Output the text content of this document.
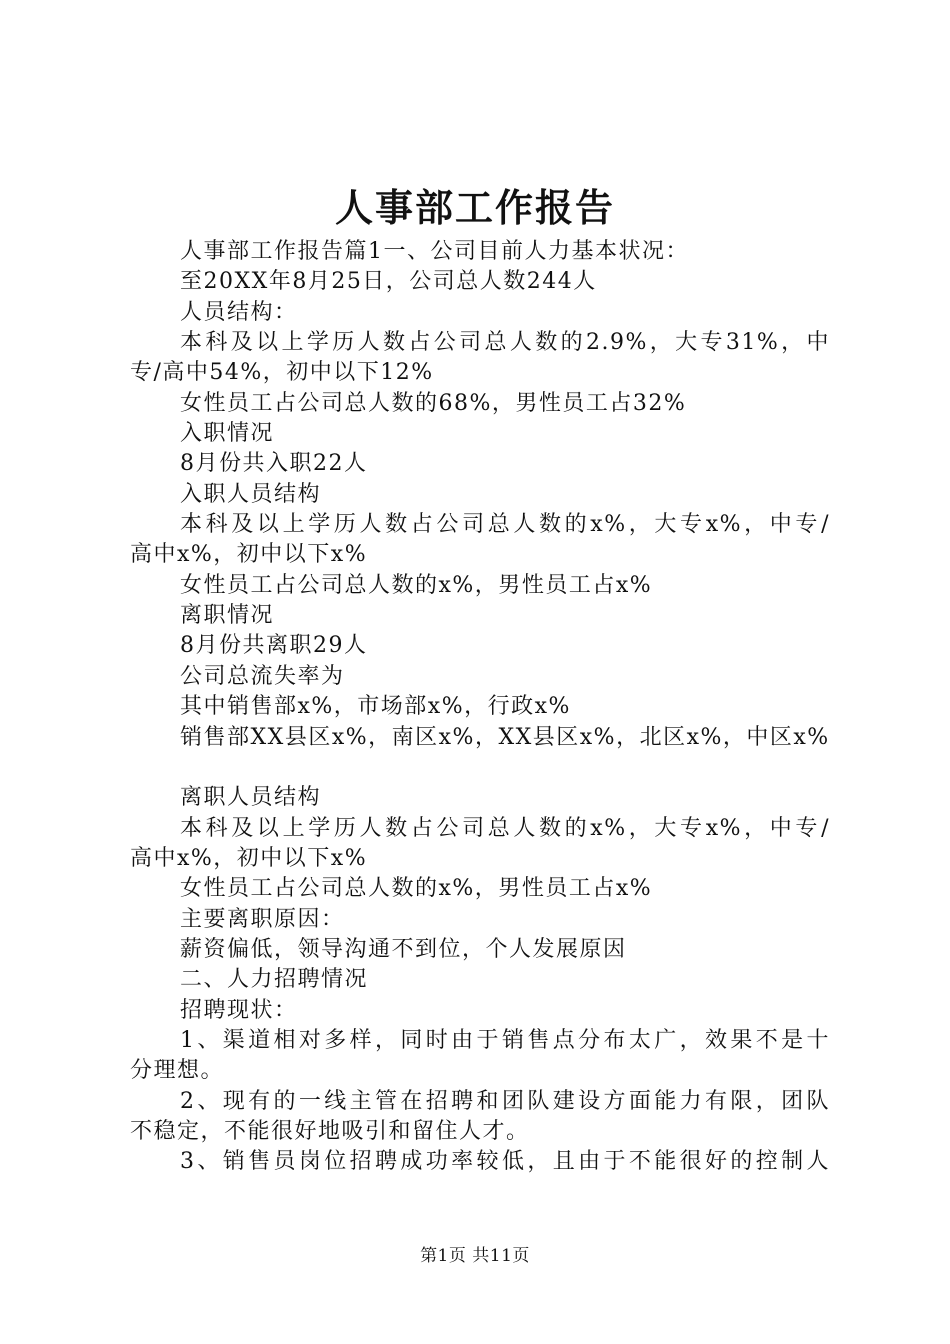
人事部工作报告
人事部工作报告篇1一、公司目前人力基本状况：
至20XX年8月25日，公司总人数244人
人员结构：
本科及以上学历人数占公司总人数的2.9%，大专31%，中
专/高中54%，初中以下12%
女性员工占公司总人数的68%，男性员工占32%
入职情况
8月份共入职22人
入职人员结构
本科及以上学历人数占公司总人数的x%，大专x%，中专/
高中x%，初中以下x%
女性员工占公司总人数的x%，男性员工占x%
离职情况
8月份共离职29人
公司总流失率为
其中销售部x%，市场部x%，行政x%
销售部XX县区x%，南区x%，XX县区x%，北区x%，中区x%
离职人员结构
本科及以上学历人数占公司总人数的x%，大专x%，中专/
高中x%，初中以下x%
女性员工占公司总人数的x%，男性员工占x%
主要离职原因：
薪资偏低，领导沟通不到位，个人发展原因
二、人力招聘情况
招聘现状：
1、渠道相对多样，同时由于销售点分布太广，效果不是十
分理想。
2、现有的一线主管在招聘和团队建设方面能力有限，团队
不稳定，不能很好地吸引和留住人才。
3、销售员岗位招聘成功率较低，且由于不能很好的控制人
第1页 共11页
